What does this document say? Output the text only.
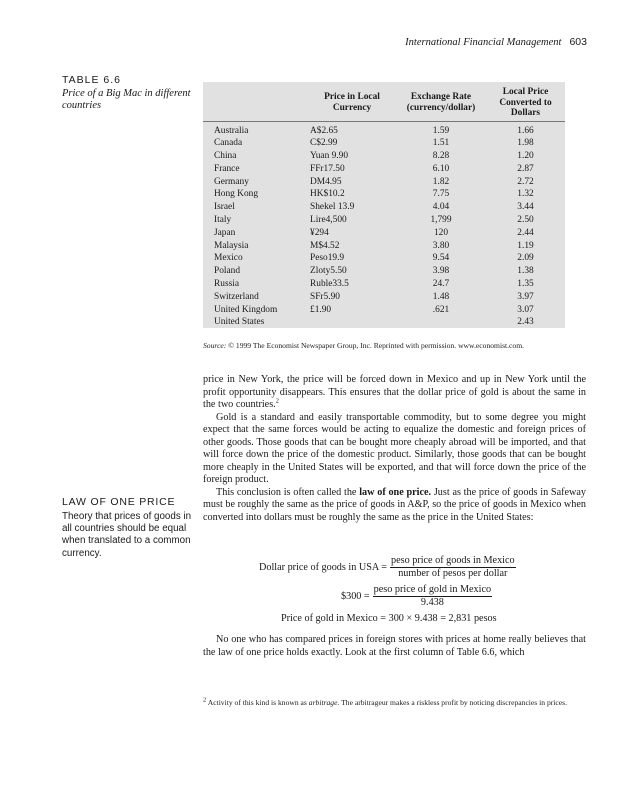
International Financial Management 603
TABLE 6.6
Price of a Big Mac in different countries
	Price in Local Currency	Exchange Rate (currency/dollar)	Local Price Converted to Dollars
Australia	A$2.65	1.59	1.66
Canada	C$2.99	1.51	1.98
China	Yuan 9.90	8.28	1.20
France	FFr17.50	6.10	2.87
Germany	DM4.95	1.82	2.72
Hong Kong	HK$10.2	7.75	1.32
Israel	Shekel 13.9	4.04	3.44
Italy	Lire4,500	1,799	2.50
Japan	¥294	120	2.44
Malaysia	M$4.52	3.80	1.19
Mexico	Peso19.9	9.54	2.09
Poland	Zloty5.50	3.98	1.38
Russia	Ruble33.5	24.7	1.35
Switzerland	SFr5.90	1.48	3.97
United Kingdom	£1.90	.621	3.07
United States			2.43
Source: © 1999 The Economist Newspaper Group, Inc. Reprinted with permission. www.economist.com.

price in New York, the price will be forced down in Mexico and up in New York until the profit opportunity disappears. This ensures that the dollar price of gold is about the same in the two countries.$^2$

Gold is a standard and easily transportable commodity, but to some degree you might expect that the same forces would be acting to equalize the domestic and foreign prices of other goods. Those goods that can be bought more cheaply abroad will be imported, and that will force down the price of the domestic product. Similarly, those goods that can be bought more cheaply in the United States will be exported, and that will force down the price of the foreign product.

This conclusion is often called the law of one price. Just as the price of goods in Safeway must be roughly the same as the price of goods in A&P, so the price of goods in Mexico when converted into dollars must be roughly the same as the price in the United States:

LAW OF ONE PRICE
Theory that prices of goods in all countries should be equal when translated to a common currency.
Dollar price of goods in USA = $\frac{\text{peso price of goods in Mexico}}{\text{number of pesos per dollar}}$
$300 = $\frac{\text{peso price of gold in Mexico}}{9.438}$
Price of gold in Mexico = 300 × 9.438 = 2,831 pesos

No one who has compared prices in foreign stores with prices at home really believes that the law of one price holds exactly. Look at the first column of Table 6.6, which

$^2$ Activity of this kind is known as arbitrage. The arbitrageur makes a riskless profit by noticing discrepancies in prices.
